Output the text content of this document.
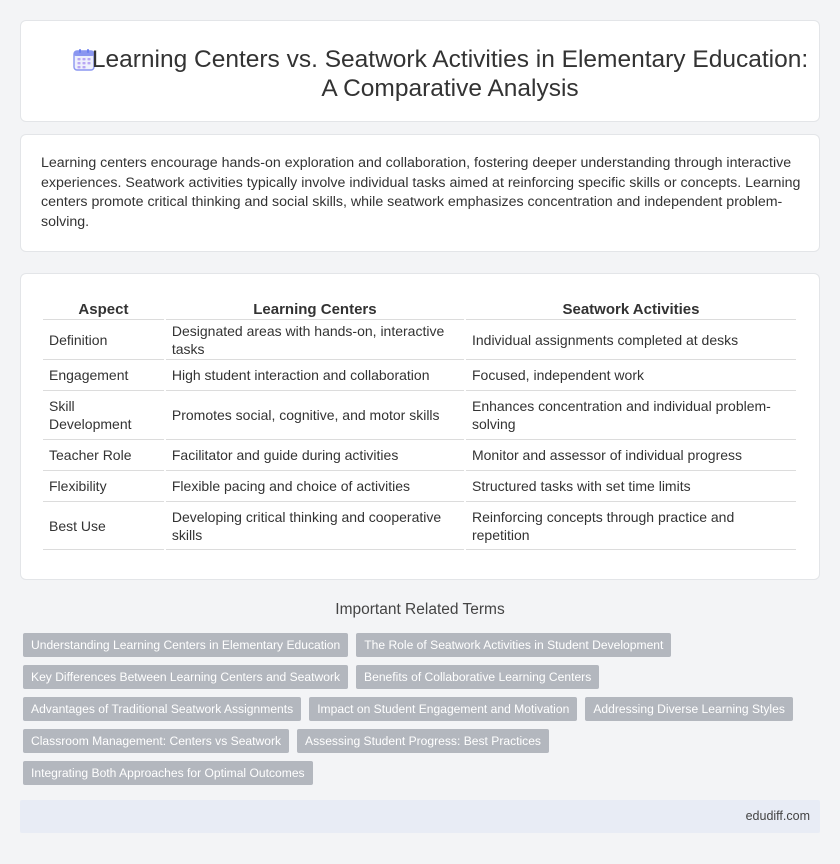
Learning Centers vs. Seatwork Activities in Elementary Education: A Comparative Analysis

Learning centers encourage hands-on exploration and collaboration, fostering deeper understanding through interactive experiences. Seatwork activities typically involve individual tasks aimed at reinforcing specific skills or concepts. Learning centers promote critical thinking and social skills, while seatwork emphasizes concentration and independent problem-solving.

Aspect	Learning Centers	Seatwork Activities
Definition	Designated areas with hands-on, interactive tasks	Individual assignments completed at desks
Engagement	High student interaction and collaboration	Focused, independent work
Skill Development	Promotes social, cognitive, and motor skills	Enhances concentration and individual problem-solving
Teacher Role	Facilitator and guide during activities	Monitor and assessor of individual progress
Flexibility	Flexible pacing and choice of activities	Structured tasks with set time limits
Best Use	Developing critical thinking and cooperative skills	Reinforcing concepts through practice and repetition
Important Related Terms
Understanding Learning Centers in Elementary Education	The Role of Seatwork Activities in Student Development
Key Differences Between Learning Centers and Seatwork	Benefits of Collaborative Learning Centers
Advantages of Traditional Seatwork Assignments	Impact on Student Engagement and Motivation	Addressing Diverse Learning Styles
Classroom Management: Centers vs Seatwork	Assessing Student Progress: Best Practices
Integrating Both Approaches for Optimal Outcomes
edudiff.com
